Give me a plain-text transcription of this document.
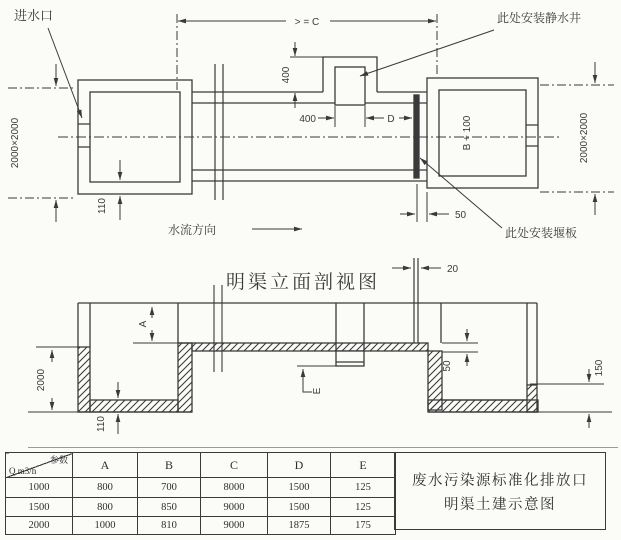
进水口	此处安装静水井
此处安装堰板
水流方向
> = C
400
400	D
2000×2000	2000×2000
B + 100
50
110
明渠立面剖视图
A
2000
110
20
E
50	150
参数
Q m3/h	A	B	C	D	E
1000	800	700	8000	1500	125
1500	800	850	9000	1500	125
2000	1000	810	9000	1875	175
废水污染源标准化排放口
明渠土建示意图
